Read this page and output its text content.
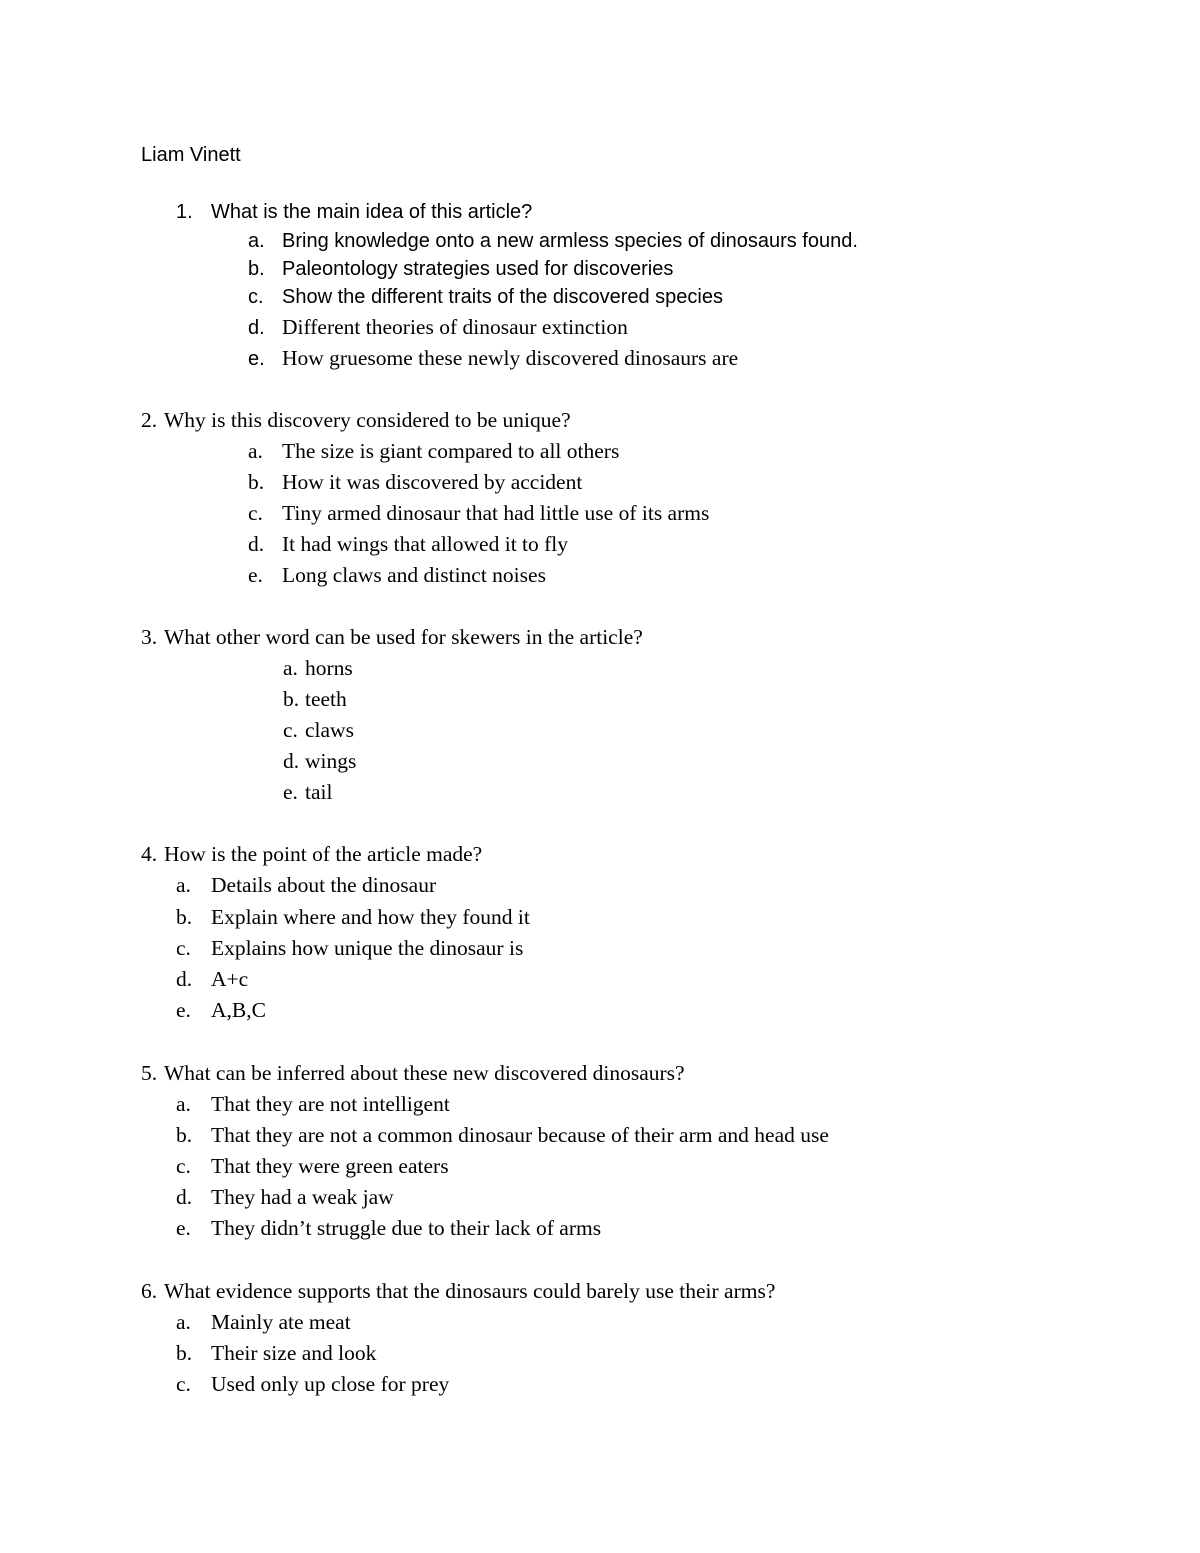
Liam Vinett
1. What is the main idea of this article?
a. Bring knowledge onto a new armless species of dinosaurs found.
b. Paleontology strategies used for discoveries
c. Show the different traits of the discovered species
d. Different theories of dinosaur extinction
e. How gruesome these newly discovered dinosaurs are
2. Why is this discovery considered to be unique?
a. The size is giant compared to all others
b. How it was discovered by accident
c. Tiny armed dinosaur that had little use of its arms
d. It had wings that allowed it to fly
e. Long claws and distinct noises
3. What other word can be used for skewers in the article?
a. horns
b. teeth
c. claws
d. wings
e. tail
4. How is the point of the article made?
a. Details about the dinosaur
b. Explain where and how they found it
c. Explains how unique the dinosaur is
d. A+c
e. A,B,C
5. What can be inferred about these new discovered dinosaurs?
a. That they are not intelligent
b. That they are not a common dinosaur because of their arm and head use
c. That they were green eaters
d. They had a weak jaw
e. They didn’t struggle due to their lack of arms
6. What evidence supports that the dinosaurs could barely use their arms?
a. Mainly ate meat
b. Their size and look
c. Used only up close for prey
